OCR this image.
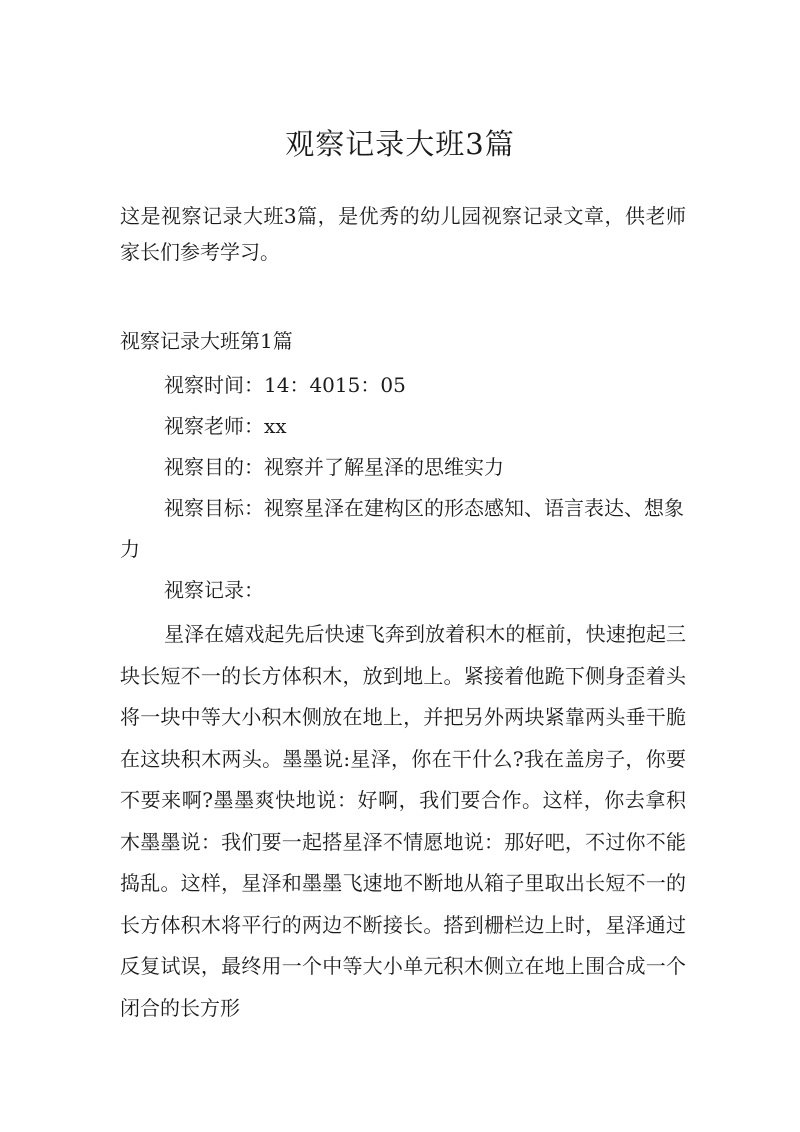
观察记录大班3篇

这是视察记录大班3篇，是优秀的幼儿园视察记录文章，供老师家长们参考学习。

视察记录大班第1篇

视察时间：14：4015：05

视察老师：xx

视察目的：视察并了解星泽的思维实力

视察目标：视察星泽在建构区的形态感知、语言表达、想象力

视察记录：

星泽在嬉戏起先后快速飞奔到放着积木的框前，快速抱起三块长短不一的长方体积木，放到地上。紧接着他跪下侧身歪着头将一块中等大小积木侧放在地上，并把另外两块紧靠两头垂干脆在这块积木两头。墨墨说:星泽，你在干什么?我在盖房子，你要不要来啊?墨墨爽快地说：好啊，我们要合作。这样，你去拿积木墨墨说：我们要一起搭星泽不情愿地说：那好吧，不过你不能捣乱。这样，星泽和墨墨飞速地不断地从箱子里取出长短不一的长方体积木将平行的两边不断接长。搭到栅栏边上时，星泽通过反复试误，最终用一个中等大小单元积木侧立在地上围合成一个闭合的长方形
